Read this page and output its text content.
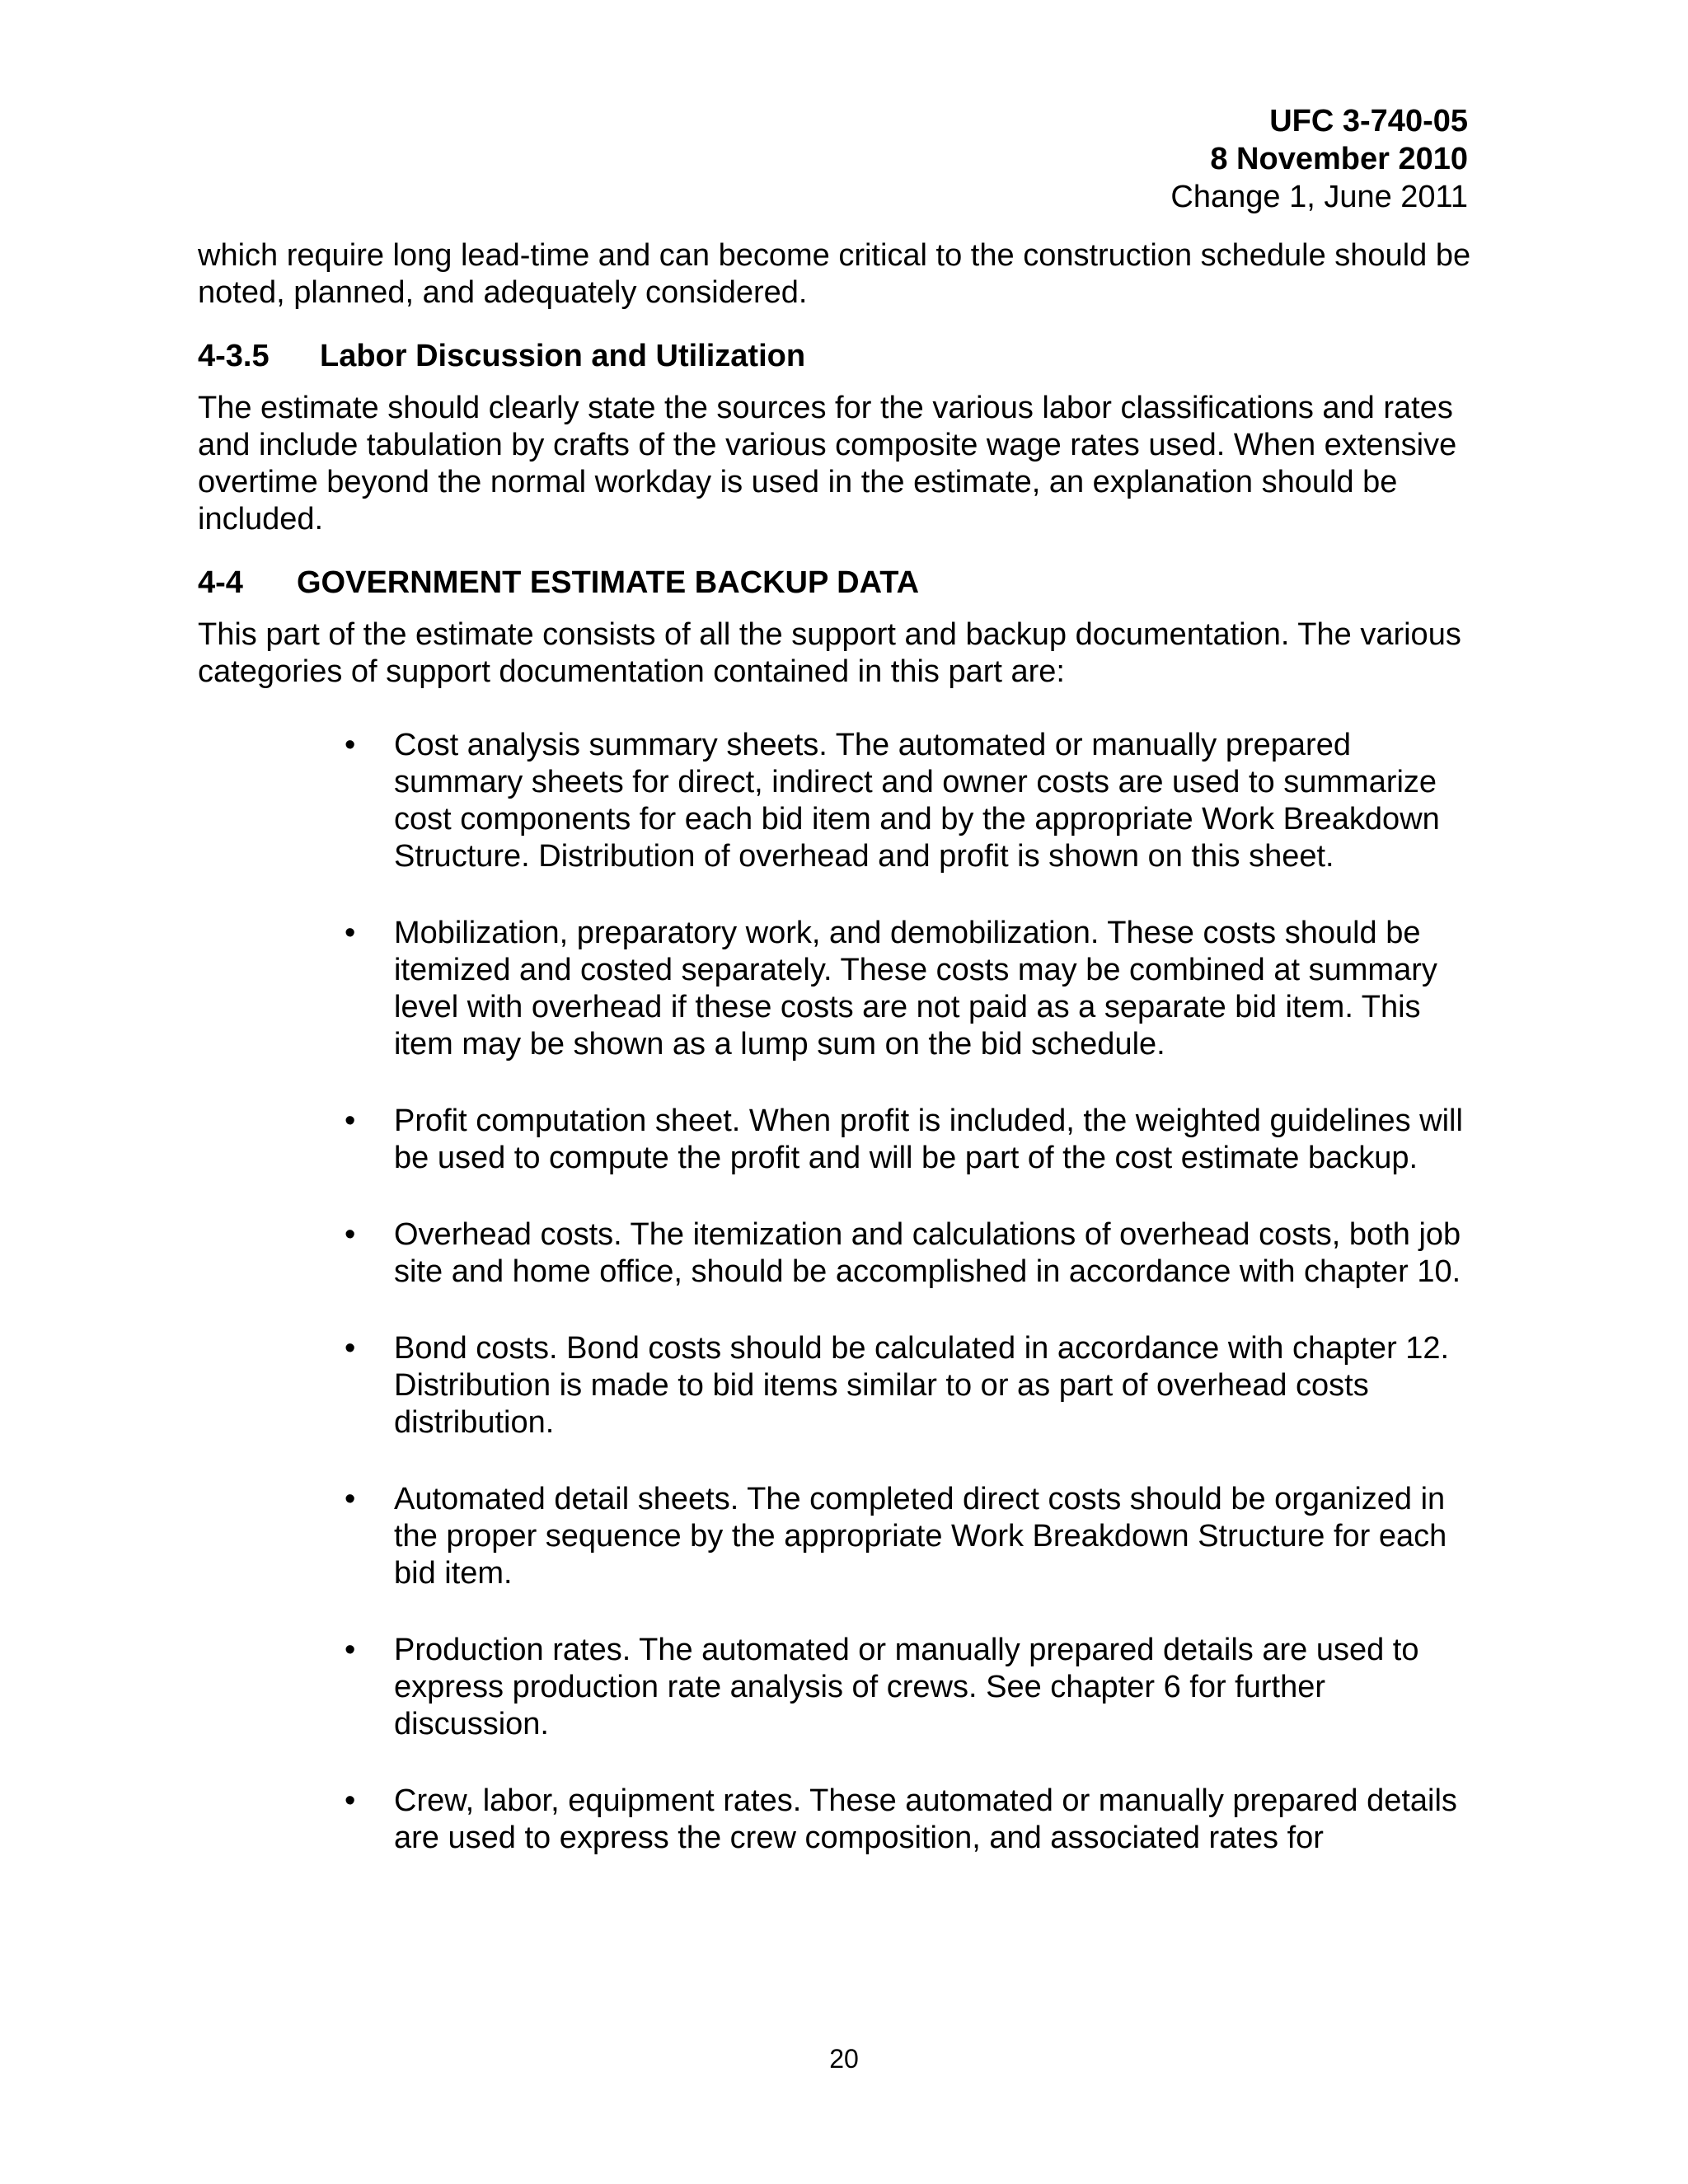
UFC 3-740-05
8 November 2010
Change 1, June 2011

which require long lead-time and can become critical to the construction schedule should be noted, planned, and adequately considered.

4-3.5	Labor Discussion and Utilization

The estimate should clearly state the sources for the various labor classifications and rates and include tabulation by crafts of the various composite wage rates used. When extensive overtime beyond the normal workday is used in the estimate, an explanation should be included.

4-4	GOVERNMENT ESTIMATE BACKUP DATA

This part of the estimate consists of all the support and backup documentation. The various categories of support documentation contained in this part are:

• Cost analysis summary sheets. The automated or manually prepared summary sheets for direct, indirect and owner costs are used to summarize cost components for each bid item and by the appropriate Work Breakdown Structure. Distribution of overhead and profit is shown on this sheet.
• Mobilization, preparatory work, and demobilization. These costs should be itemized and costed separately. These costs may be combined at summary level with overhead if these costs are not paid as a separate bid item. This item may be shown as a lump sum on the bid schedule.
• Profit computation sheet. When profit is included, the weighted guidelines will be used to compute the profit and will be part of the cost estimate backup.
• Overhead costs. The itemization and calculations of overhead costs, both job site and home office, should be accomplished in accordance with chapter 10.
• Bond costs. Bond costs should be calculated in accordance with chapter 12. Distribution is made to bid items similar to or as part of overhead costs distribution.
• Automated detail sheets. The completed direct costs should be organized in the proper sequence by the appropriate Work Breakdown Structure for each bid item.
• Production rates. The automated or manually prepared details are used to express production rate analysis of crews. See chapter 6 for further discussion.
• Crew, labor, equipment rates. These automated or manually prepared details are used to express the crew composition, and associated rates for
20
